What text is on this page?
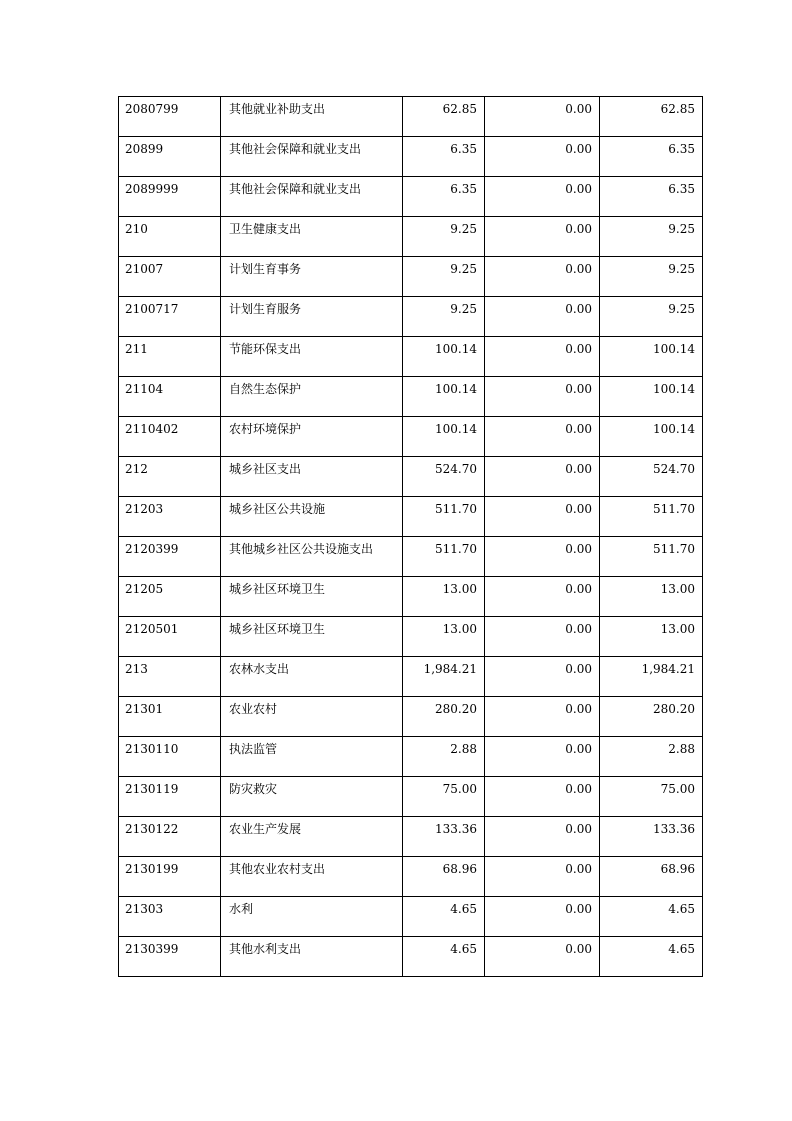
2080799	其他就业补助支出	62.85	0.00	62.85

20899	其他社会保障和就业支出	6.35	0.00	6.35

2089999	其他社会保障和就业支出	6.35	0.00	6.35

210	卫生健康支出	9.25	0.00	9.25

21007	计划生育事务	9.25	0.00	9.25

2100717	计划生育服务	9.25	0.00	9.25

211	节能环保支出	100.14	0.00	100.14

21104	自然生态保护	100.14	0.00	100.14

2110402	农村环境保护	100.14	0.00	100.14

212	城乡社区支出	524.70	0.00	524.70

21203	城乡社区公共设施	511.70	0.00	511.70

2120399	其他城乡社区公共设施支出	511.70	0.00	511.70

21205	城乡社区环境卫生	13.00	0.00	13.00

2120501	城乡社区环境卫生	13.00	0.00	13.00

213	农林水支出	1,984.21	0.00	1,984.21

21301	农业农村	280.20	0.00	280.20

2130110	执法监管	2.88	0.00	2.88

2130119	防灾救灾	75.00	0.00	75.00

2130122	农业生产发展	133.36	0.00	133.36

2130199	其他农业农村支出	68.96	0.00	68.96

21303	水利	4.65	0.00	4.65

2130399	其他水利支出	4.65	0.00	4.65
